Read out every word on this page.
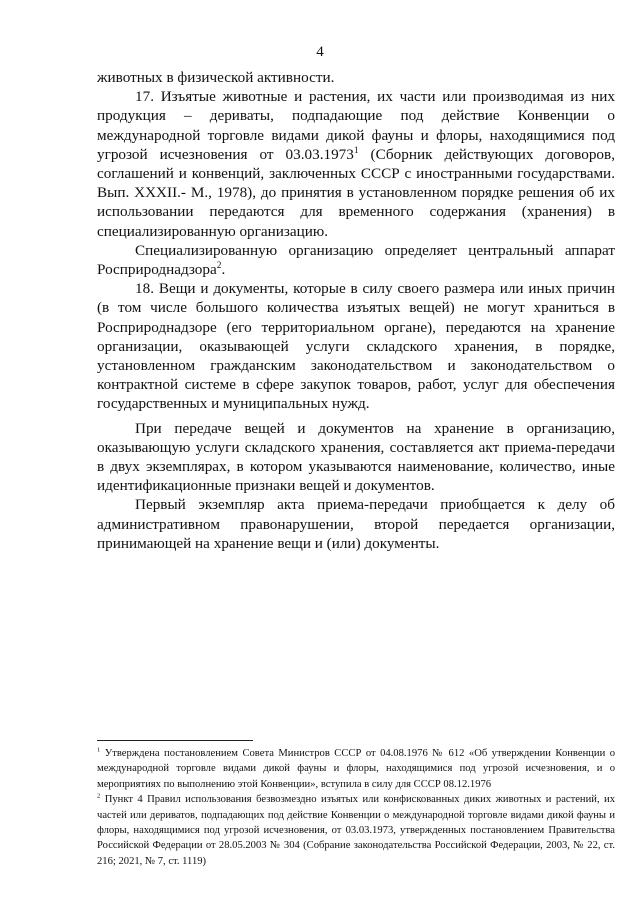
4

животных в физической активности.

17. Изъятые животные и растения, их части или производимая из них продукция – дериваты, подпадающие под действие Конвенции о международной торговле видами дикой фауны и флоры, находящимися под угрозой исчезновения от 03.03.1973$^1$ (Сборник действующих договоров, соглашений и конвенций, заключенных СССР с иностранными государствами. Вып. XXXII.- М., 1978), до принятия в установленном порядке решения об их использовании передаются для временного содержания (хранения) в специализированную организацию.

Специализированную организацию определяет центральный аппарат Росприроднадзора$^2$.

18. Вещи и документы, которые в силу своего размера или иных причин (в том числе большого количества изъятых вещей) не могут храниться в Росприроднадзоре (его территориальном органе), передаются на хранение организации, оказывающей услуги складского хранения, в порядке, установленном гражданским законодательством и законодательством о контрактной системе в сфере закупок товаров, работ, услуг для обеспечения государственных и муниципальных нужд.

При передаче вещей и документов на хранение в организацию, оказывающую услуги складского хранения, составляется акт приема-передачи в двух экземплярах, в котором указываются наименование, количество, иные идентификационные признаки вещей и документов.

Первый экземпляр акта приема-передачи приобщается к делу об административном правонарушении, второй передается организации, принимающей на хранение вещи и (или) документы.

$^1$ Утверждена постановлением Совета Министров СССР от 04.08.1976 № 612 «Об утверждении Конвенции о международной торговле видами дикой фауны и флоры, находящимися под угрозой исчезновения, и о мероприятиях по выполнению этой Конвенции», вступила в силу для СССР 08.12.1976

$^2$ Пункт 4 Правил использования безвозмездно изъятых или конфискованных диких животных и растений, их частей или дериватов, подпадающих под действие Конвенции о международной торговле видами дикой фауны и флоры, находящимися под угрозой исчезновения, от 03.03.1973, утвержденных постановлением Правительства Российской Федерации от 28.05.2003 № 304 (Собрание законодательства Российской Федерации, 2003, № 22, ст. 216; 2021, № 7, ст. 1119)
